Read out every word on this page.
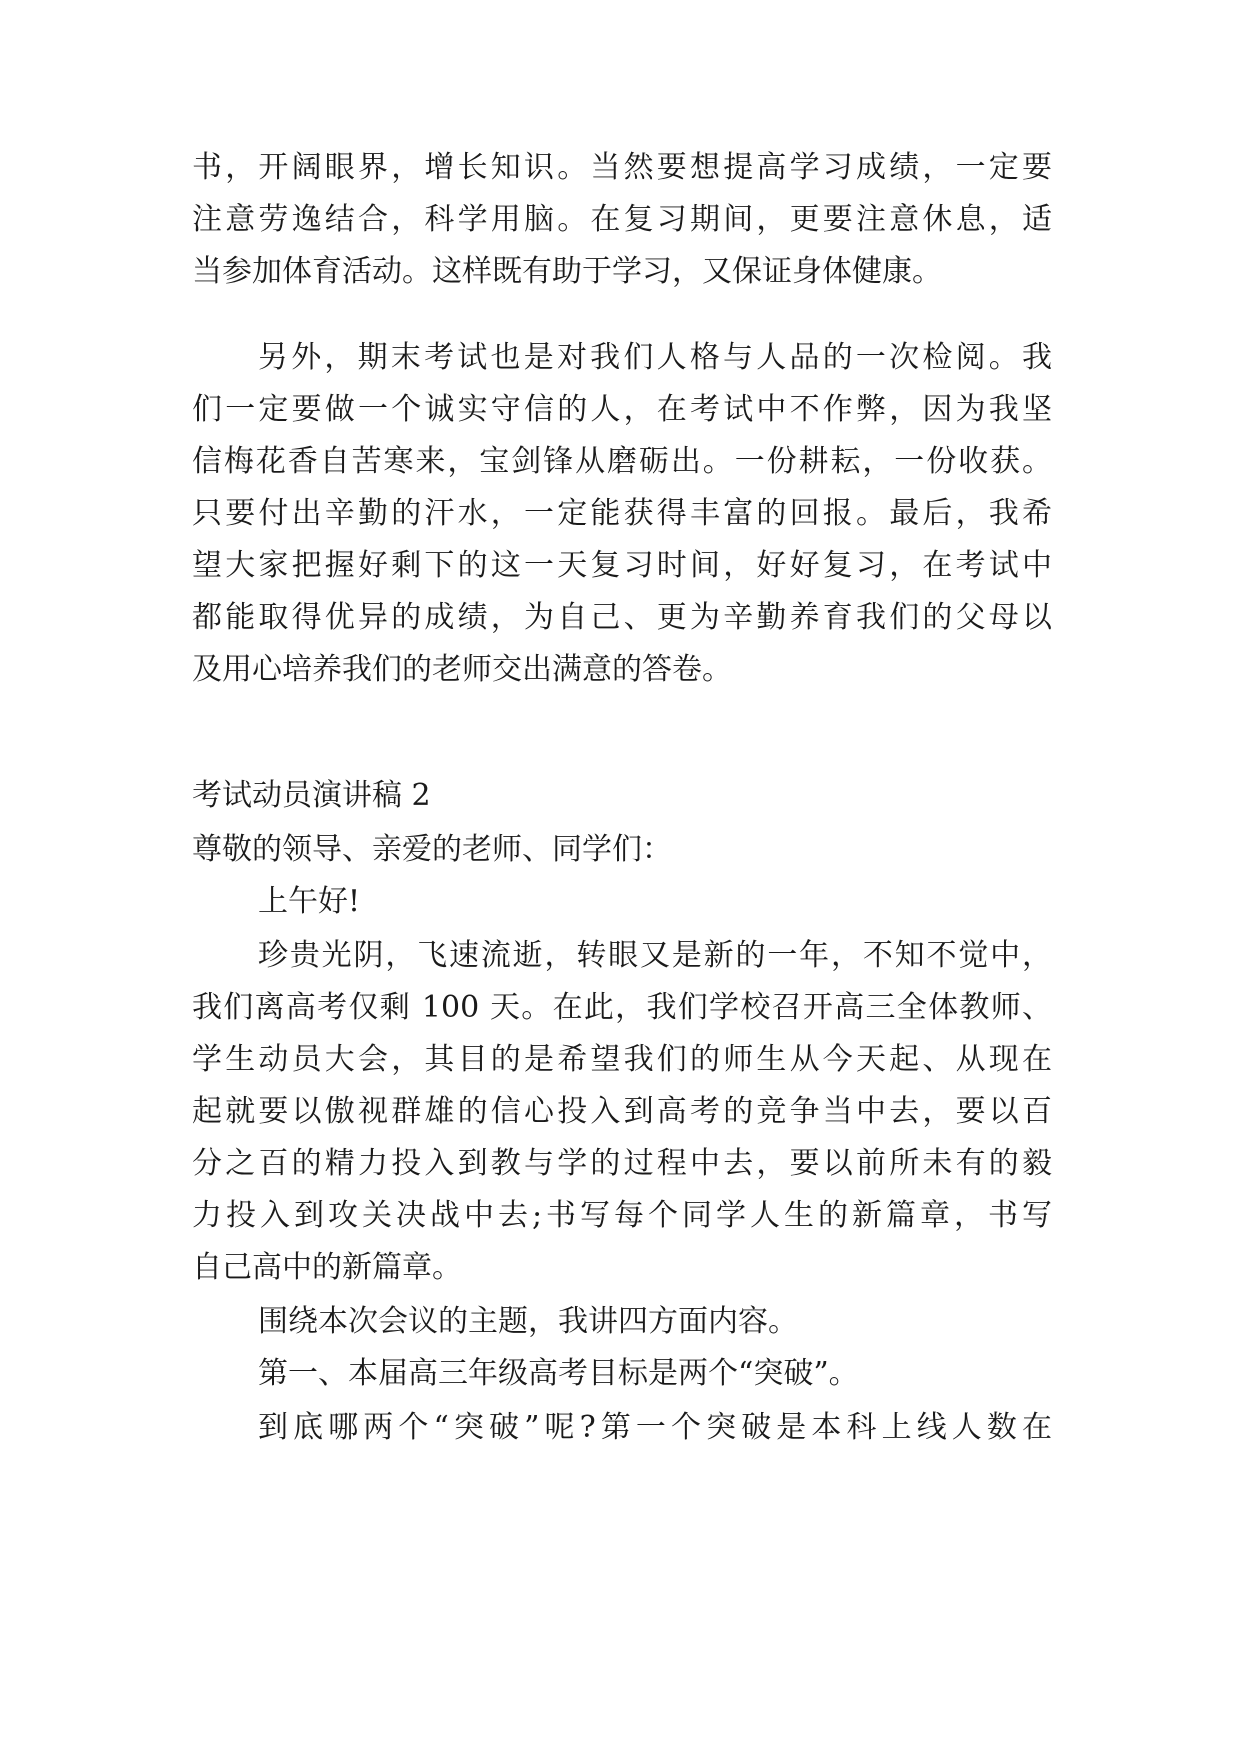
书，开阔眼界，增长知识。当然要想提高学习成绩，一定要
注意劳逸结合，科学用脑。在复习期间，更要注意休息，适
当参加体育活动。这样既有助于学习，又保证身体健康。
另外，期末考试也是对我们人格与人品的一次检阅。我
们一定要做一个诚实守信的人，在考试中不作弊，因为我坚
信梅花香自苦寒来，宝剑锋从磨砺出。一份耕耘，一份收获。
只要付出辛勤的汗水，一定能获得丰富的回报。最后，我希
望大家把握好剩下的这一天复习时间，好好复习，在考试中
都能取得优异的成绩，为自己、更为辛勤养育我们的父母以
及用心培养我们的老师交出满意的答卷。
考试动员演讲稿 2
尊敬的领导、亲爱的老师、同学们：
上午好!
珍贵光阴，飞速流逝，转眼又是新的一年，不知不觉中，
我们离高考仅剩 100 天。在此，我们学校召开高三全体教师、
学生动员大会，其目的是希望我们的师生从今天起、从现在
起就要以傲视群雄的信心投入到高考的竞争当中去，要以百
分之百的精力投入到教与学的过程中去，要以前所未有的毅
力投入到攻关决战中去;书写每个同学人生的新篇章，书写
自己高中的新篇章。
围绕本次会议的主题，我讲四方面内容。
第一、本届高三年级高考目标是两个“突破”。
到底哪两个“突破”呢?第一个突破是本科上线人数在
